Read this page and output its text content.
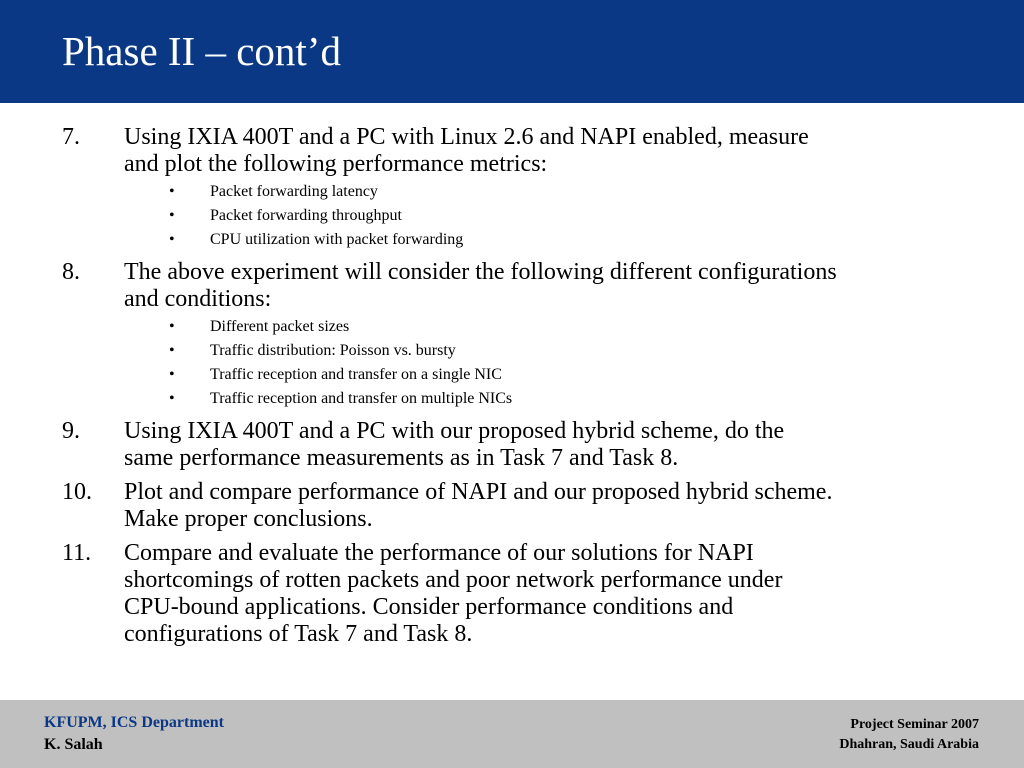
Phase II – cont’d
7. Using IXIA 400T and a PC with Linux 2.6 and NAPI enabled, measure
and plot the following performance metrics:
• Packet forwarding latency
• Packet forwarding throughput
• CPU utilization with packet forwarding
8. The above experiment will consider the following different configurations
and conditions:
• Different packet sizes
• Traffic distribution: Poisson vs. bursty
• Traffic reception and transfer on a single NIC
• Traffic reception and transfer on multiple NICs
9. Using IXIA 400T and a PC with our proposed hybrid scheme, do the
same performance measurements as in Task 7 and Task 8.
10. Plot and compare performance of NAPI and our proposed hybrid scheme.
Make proper conclusions.
11. Compare and evaluate the performance of our solutions for NAPI
shortcomings of rotten packets and poor network performance under
CPU-bound applications. Consider performance conditions and
configurations of Task 7 and Task 8.
KFUPM, ICS Department
K. Salah
Project Seminar 2007
Dhahran, Saudi Arabia
